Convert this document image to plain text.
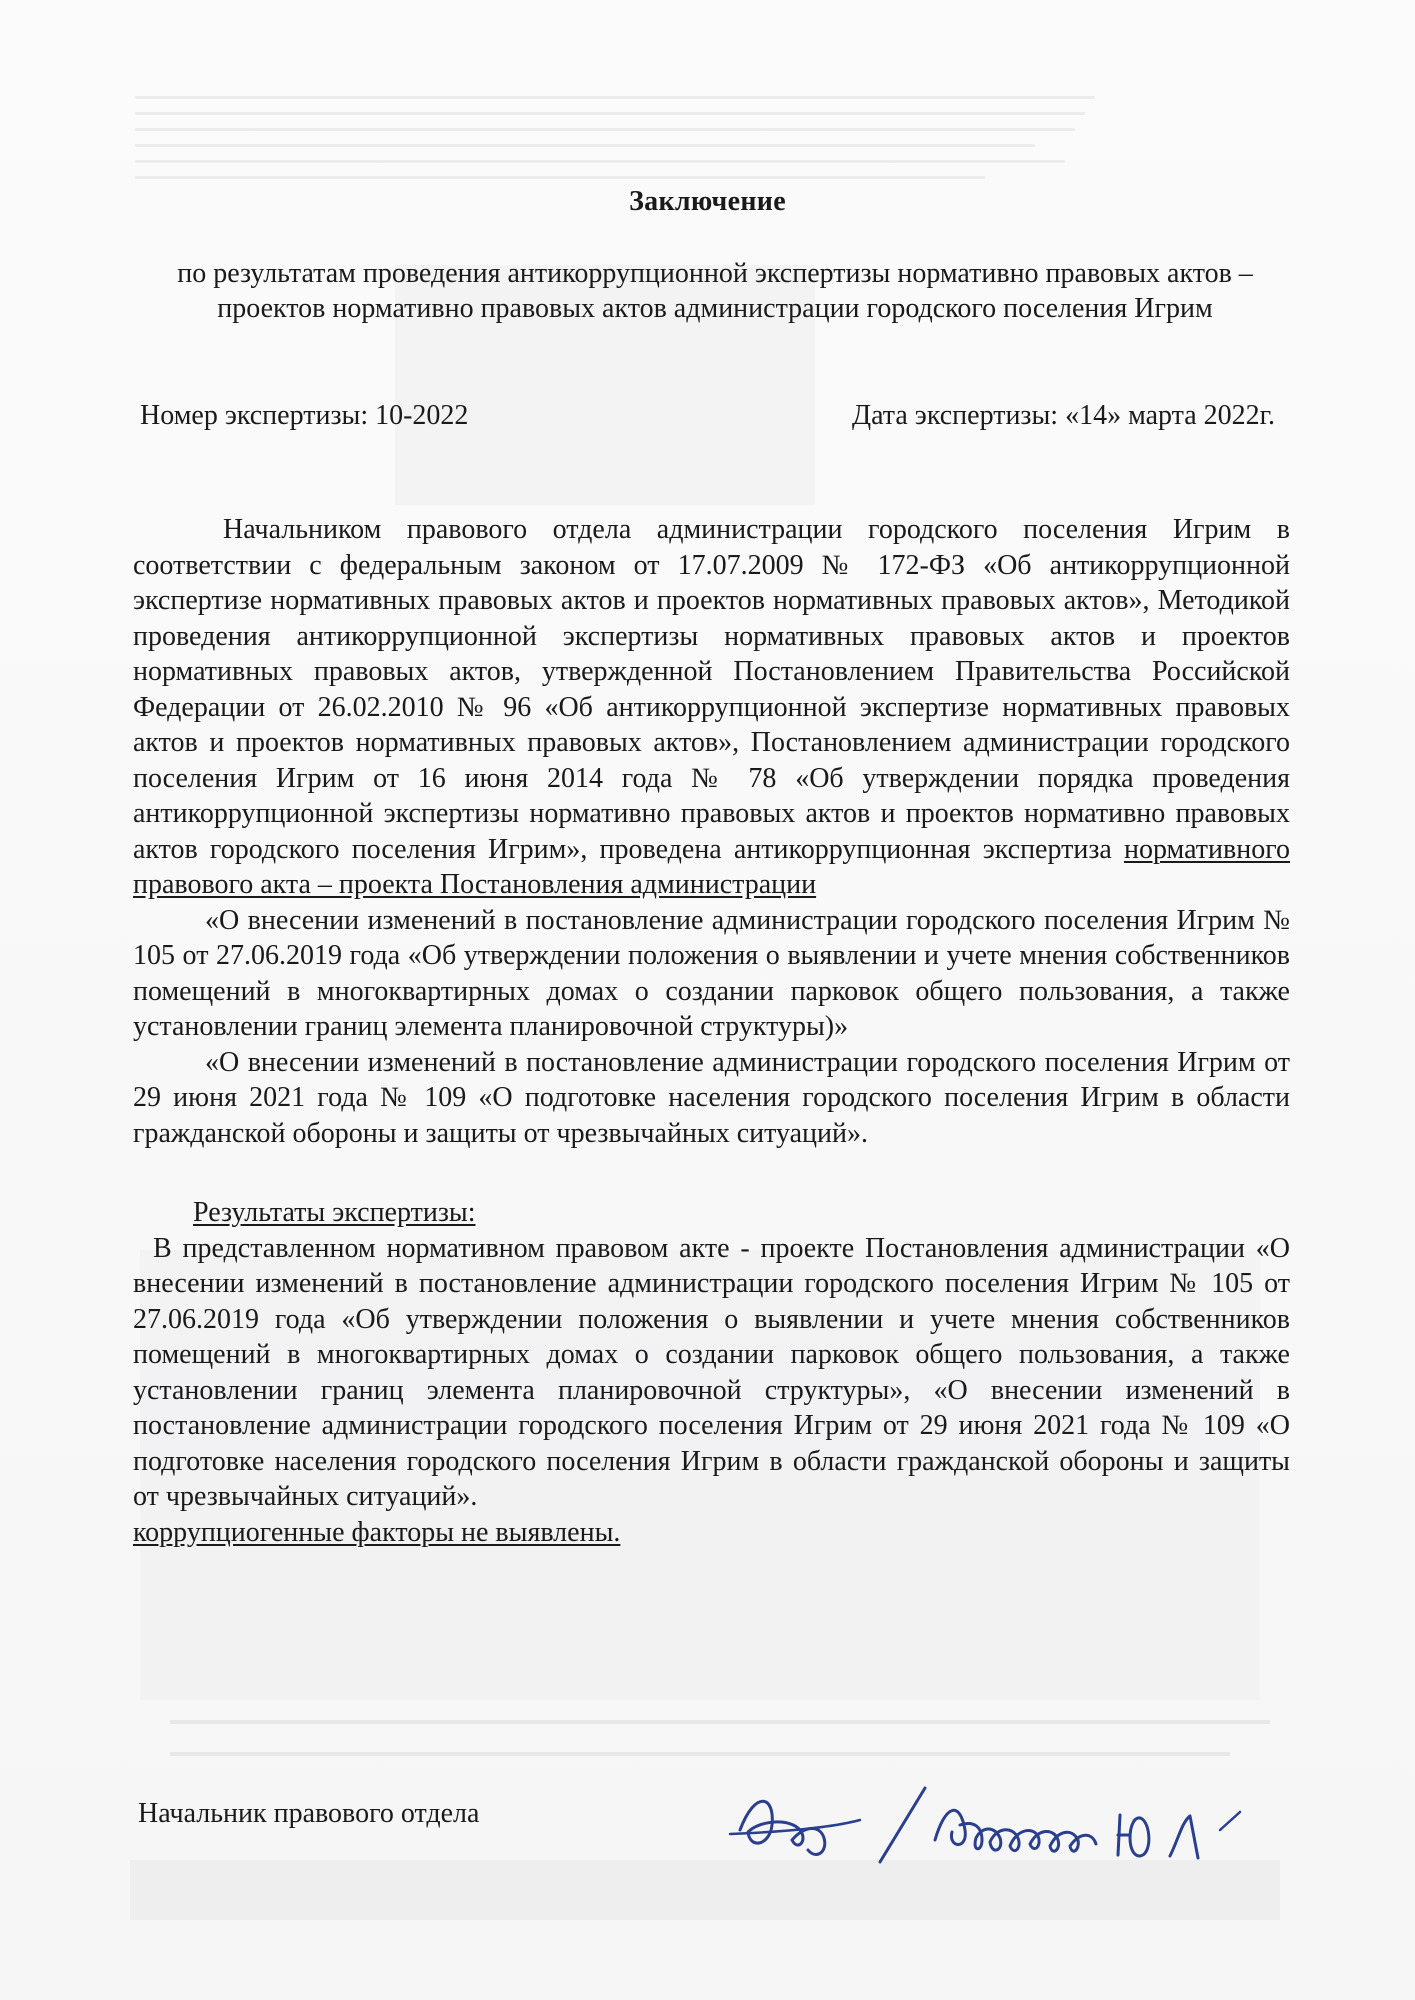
Заключение
по результатам проведения антикоррупционной экспертизы нормативно правовых актов – проектов нормативно правовых актов администрации городского поселения Игрим
Номер экспертизы: 10-2022	Дата экспертизы: «14» марта 2022г.

Начальником правового отдела администрации городского поселения Игрим в соответствии с федеральным законом от 17.07.2009 № 172-ФЗ «Об антикоррупционной экспертизе нормативных правовых актов и проектов нормативных правовых актов», Методикой проведения антикоррупционной экспертизы нормативных правовых актов и проектов нормативных правовых актов, утвержденной Постановлением Правительства Российской Федерации от 26.02.2010 № 96 «Об антикоррупционной экспертизе нормативных правовых актов и проектов нормативных правовых актов», Постановлением администрации городского поселения Игрим от 16 июня 2014 года № 78 «Об утверждении порядка проведения антикоррупционной экспертизы нормативно правовых актов и проектов нормативно правовых актов городского поселения Игрим», проведена антикоррупционная экспертиза нормативного правового акта – проекта Постановления администрации

«О внесении изменений в постановление администрации городского поселения Игрим № 105 от 27.06.2019 года «Об утверждении положения о выявлении и учете мнения собственников помещений в многоквартирных домах о создании парковок общего пользования, а также установлении границ элемента планировочной структуры)»

«О внесении изменений в постановление администрации городского поселения Игрим от 29 июня 2021 года № 109 «О подготовке населения городского поселения Игрим в области гражданской обороны и защиты от чрезвычайных ситуаций».

Результаты экспертизы:

В представленном нормативном правовом акте - проекте Постановления администрации «О внесении изменений в постановление администрации городского поселения Игрим № 105 от 27.06.2019 года «Об утверждении положения о выявлении и учете мнения собственников помещений в многоквартирных домах о создании парковок общего пользования, а также установлении границ элемента планировочной структуры», «О внесении изменений в постановление администрации городского поселения Игрим от 29 июня 2021 года № 109 «О подготовке населения городского поселения Игрим в области гражданской обороны и защиты от чрезвычайных ситуаций».

коррупциогенные факторы не выявлены.

Начальник правового отдела
